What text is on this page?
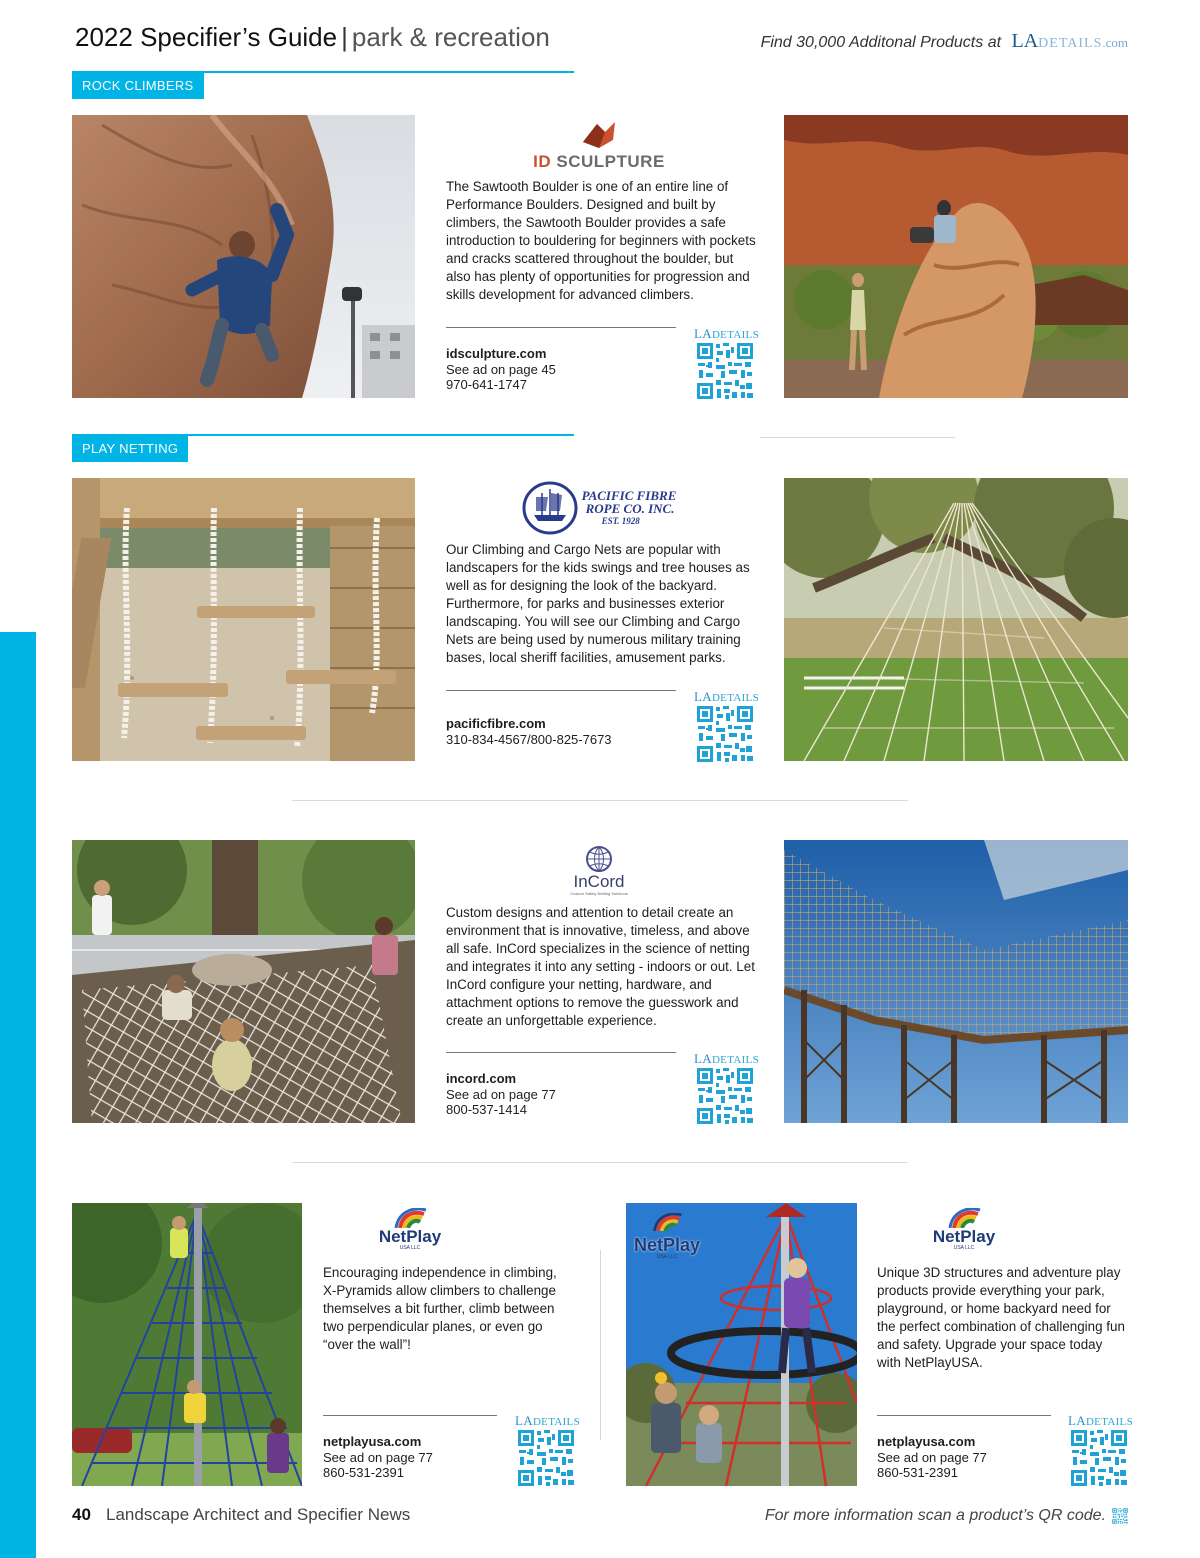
2022 Specifier’s Guide | park & recreation	Find 30,000 Additonal Products at LADETAILS.com
ROCK CLIMBERS
ID SCULPTURE
The Sawtooth Boulder is one of an entire line of Performance Boulders. Designed and built by climbers, the Sawtooth Boulder provides a safe introduction to bouldering for beginners with pockets and cracks scattered throughout the boulder, but also has plenty of opportunities for progression and skills development for advanced climbers.
idsculpture.com
See ad on page 45
970-641-1747
LADETAILS
PLAY NETTING
PACIFIC FIBRE
ROPE CO. INC.
EST. 1928
Our Climbing and Cargo Nets are popular with landscapers for the kids swings and tree houses as well as for designing the look of the backyard. Furthermore, for parks and businesses exterior landscaping. You will see our Climbing and Cargo Nets are being used by numerous military training bases, local sheriff facilities, amusement parks.
pacificfibre.com
310-834-4567/800-825-7673
LADETAILS
InCord
Custom Safety Netting Solutions
Custom designs and attention to detail create an environment that is innovative, timeless, and above all safe. InCord specializes in the science of netting and integrates it into any setting - indoors or out. Let InCord configure your netting, hardware, and attachment options to remove the guesswork and create an unforgettable experience.
incord.com
See ad on page 77
800-537-1414
LADETAILS
NetPlay
USA LLC
Encouraging independence in climbing, X-Pyramids allow climbers to challenge themselves a bit further, climb between two perpendicular planes, or even go “over the wall”!
netplayusa.com
See ad on page 77
860-531-2391
LADETAILS
NetPlay
USA LLC
NetPlay
USA LLC
Unique 3D structures and adventure play products provide everything your park, playground, or home backyard need for the perfect combination of challenging fun and safety. Upgrade your space today with NetPlayUSA.
netplayusa.com
See ad on page 77
860-531-2391
LADETAILS
40 Landscape Architect and Specifier News	For more information scan a product’s QR code.
